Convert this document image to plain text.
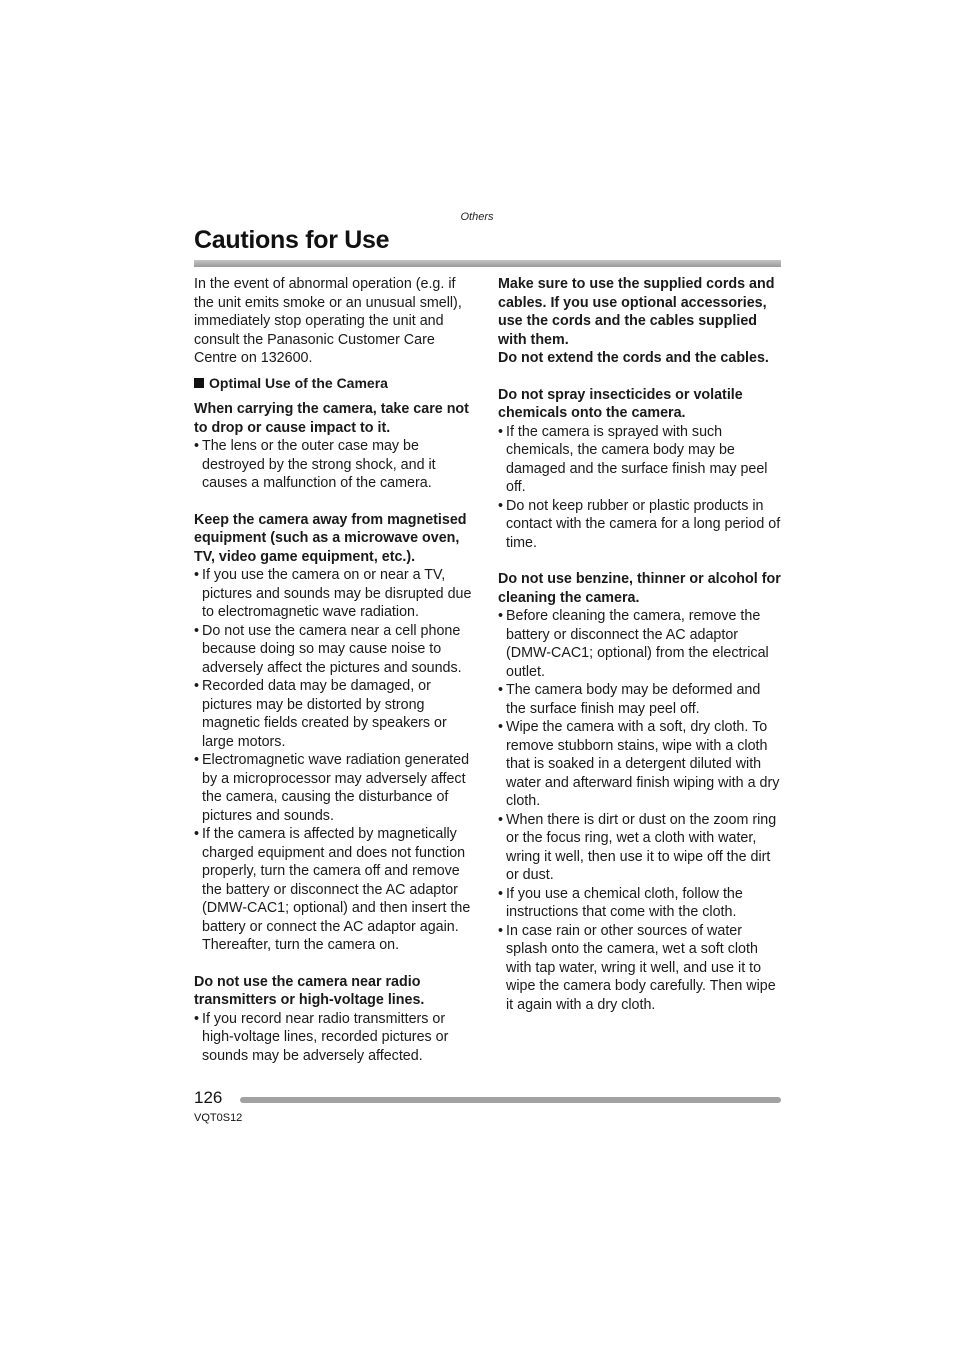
Others
Cautions for Use

In the event of abnormal operation (e.g. if the unit emits smoke or an unusual smell), immediately stop operating the unit and consult the Panasonic Customer Care Centre on 132600.

Optimal Use of the Camera

When carrying the camera, take care not to drop or cause impact to it.

• The lens or the outer case may be destroyed by the strong shock, and it causes a malfunction of the camera.

Keep the camera away from magnetised equipment (such as a microwave oven, TV, video game equipment, etc.).

• If you use the camera on or near a TV, pictures and sounds may be disrupted due to electromagnetic wave radiation.
• Do not use the camera near a cell phone because doing so may cause noise to adversely affect the pictures and sounds.
• Recorded data may be damaged, or pictures may be distorted by strong magnetic fields created by speakers or large motors.
• Electromagnetic wave radiation generated by a microprocessor may adversely affect the camera, causing the disturbance of pictures and sounds.
• If the camera is affected by magnetically charged equipment and does not function properly, turn the camera off and remove the battery or disconnect the AC adaptor (DMW-CAC1; optional) and then insert the battery or connect the AC adaptor again. Thereafter, turn the camera on.

Do not use the camera near radio transmitters or high-voltage lines.

• If you record near radio transmitters or high-voltage lines, recorded pictures or sounds may be adversely affected.

Make sure to use the supplied cords and cables. If you use optional accessories, use the cords and the cables supplied with them.

Do not extend the cords and the cables.

Do not spray insecticides or volatile chemicals onto the camera.

• If the camera is sprayed with such chemicals, the camera body may be damaged and the surface finish may peel off.
• Do not keep rubber or plastic products in contact with the camera for a long period of time.

Do not use benzine, thinner or alcohol for cleaning the camera.

• Before cleaning the camera, remove the battery or disconnect the AC adaptor (DMW-CAC1; optional) from the electrical outlet.
• The camera body may be deformed and the surface finish may peel off.
• Wipe the camera with a soft, dry cloth. To remove stubborn stains, wipe with a cloth that is soaked in a detergent diluted with water and afterward finish wiping with a dry cloth.
• When there is dirt or dust on the zoom ring or the focus ring, wet a cloth with water, wring it well, then use it to wipe off the dirt or dust.
• If you use a chemical cloth, follow the instructions that come with the cloth.
• In case rain or other sources of water splash onto the camera, wet a soft cloth with tap water, wring it well, and use it to wipe the camera body carefully. Then wipe it again with a dry cloth.
126
VQT0S12
